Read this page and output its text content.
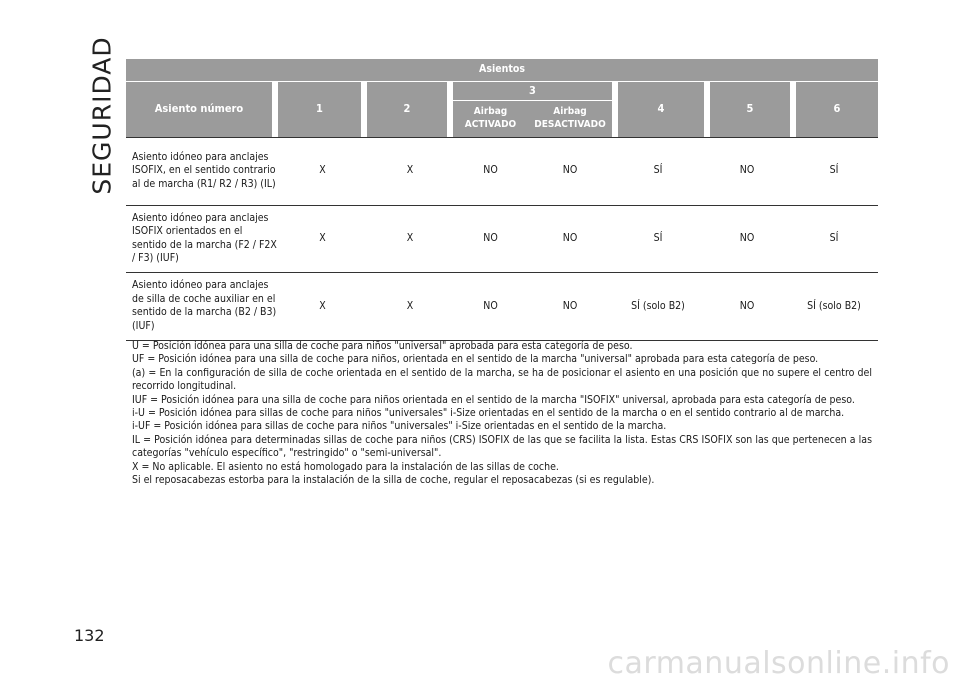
SEGURIDAD	Asientos													
Asiento número		1		2		3			4		5		6
						Airbag ACTIVADO	Airbag DESACTIVADO						
Asiento idóneo para anclajes ISOFIX, en el sentido contrario al de marcha (R1/ R2 / R3) (IL)		X		X		NO	NO	SÍ		NO		SÍ	
Asiento idóneo para anclajes ISOFIX orientados en el sentido de la marcha (F2 / F2X / F3) (IUF)		X		X		NO	NO	SÍ		NO		SÍ	
Asiento idóneo para anclajes de silla de coche auxiliar en el sentido de la marcha (B2 / B3) (IUF)		X		X		NO	NO	SÍ (solo B2)		NO		SÍ (solo B2)	

U = Posición idónea para una silla de coche para niños "universal" aprobada para esta categoría de peso.

UF = Posición idónea para una silla de coche para niños, orientada en el sentido de la marcha "universal" aprobada para esta categoría de peso.

(a) = En la configuración de silla de coche orientada en el sentido de la marcha, se ha de posicionar el asiento en una posición que no supere el centro del recorrido longitudinal.

IUF = Posición idónea para una silla de coche para niños orientada en el sentido de la marcha "ISOFIX" universal, aprobada para esta categoría de peso.

i-U = Posición idónea para sillas de coche para niños "universales" i-Size orientadas en el sentido de la marcha o en el sentido contrario al de marcha.

i-UF = Posición idónea para sillas de coche para niños "universales" i-Size orientadas en el sentido de la marcha.

IL = Posición idónea para determinadas sillas de coche para niños (CRS) ISOFIX de las que se facilita la lista. Estas CRS ISOFIX son las que pertenecen a las categorías "vehículo específico", "restringido" o "semi-universal".

X = No aplicable. El asiento no está homologado para la instalación de las sillas de coche.

Si el reposacabezas estorba para la instalación de la silla de coche, regular el reposacabezas (si es regulable).

132
carmanualsonline.info
